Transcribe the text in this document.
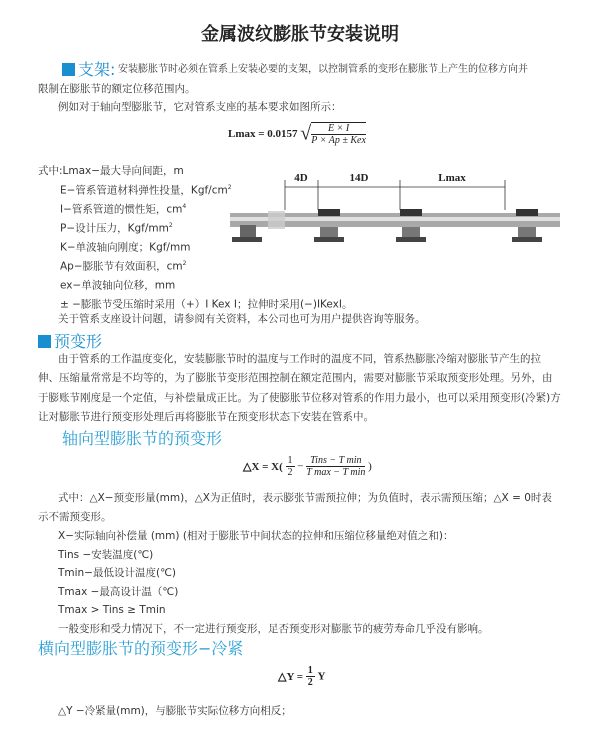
金属波纹膨胀节安装说明
支架: 安装膨胀节时必须在管系上安装必要的支架，以控制管系的变形在膨胀节上产生的位移方向并
限制在膨胀节的额定位移范围内。
例如对于轴向型膨胀节，它对管系支座的基本要求如图所示：
Lmax = 0.0157 √ $\frac{E \times I}{\text{P × Ap ± Kex}}$
式中:Lmax−最大导向间距，m
E−管系管道材料弹性投量，Kgf/$cm^2$
I−管系管道的惯性矩，$cm^4$
P−设计压力，Kgf/$mm^2$
K−单波轴向刚度；Kgf/mm
Ap−膨胀节有效面积，$cm^2$
ex−单波轴向位移，mm
± −膨胀节受压缩时采用（+）I Kex I；拉伸时采用(−)IKexI。
关于管系支座设计问题，请参阅有关资料，本公司也可为用户提供咨询等服务。
4D	14D	Lmax
预变形
由于管系的工作温度变化，安装膨胀节时的温度与工作时的温度不同，管系热膨胀冷缩对膨胀节产生的拉
伸、压缩量常常是不均等的，为了膨胀节变形范围控制在额定范围内，需要对膨胀节采取预变形处理。另外，由
于膨账节刚度是一个定值，与补偿量成正比。为了使膨胀节位移对管系的作用力最小，也可以采用预变形(冷紧)方
让对膨胀节进行预变形处理后再将膨胀节在预变形状态下安装在管系中。
轴向型膨胀节的预变形
△X = $X( \frac{1}{2} - \frac{\text{Tins − T min}}{\text{T max − T min}}$ )
式中：△X−预变形量(mm)，△X为正值时，表示膨张节需预拉伸；为负值时，表示需预压缩；△X = 0时表
示不需预变形。
X−实际轴向补偿量 (mm) (相对于膨胀节中间状态的拉伸和压缩位移量绝对值之和)：
Tins −安装温度(℃)
Tmin−最低设计温度(℃)
Tmax −最高设计温（℃)
Tmax > Tins ≥ Tmin
一般变形和受力情况下，不一定进行预变形，足否预变形对膨胀节的疲劳寿命几乎没有影响。
横向型膨胀节的预变形−冷紧
△Y = $\frac{1}{2}$ Y
△Y −冷紧量(mm)，与膨胀节实际位移方向相反；
